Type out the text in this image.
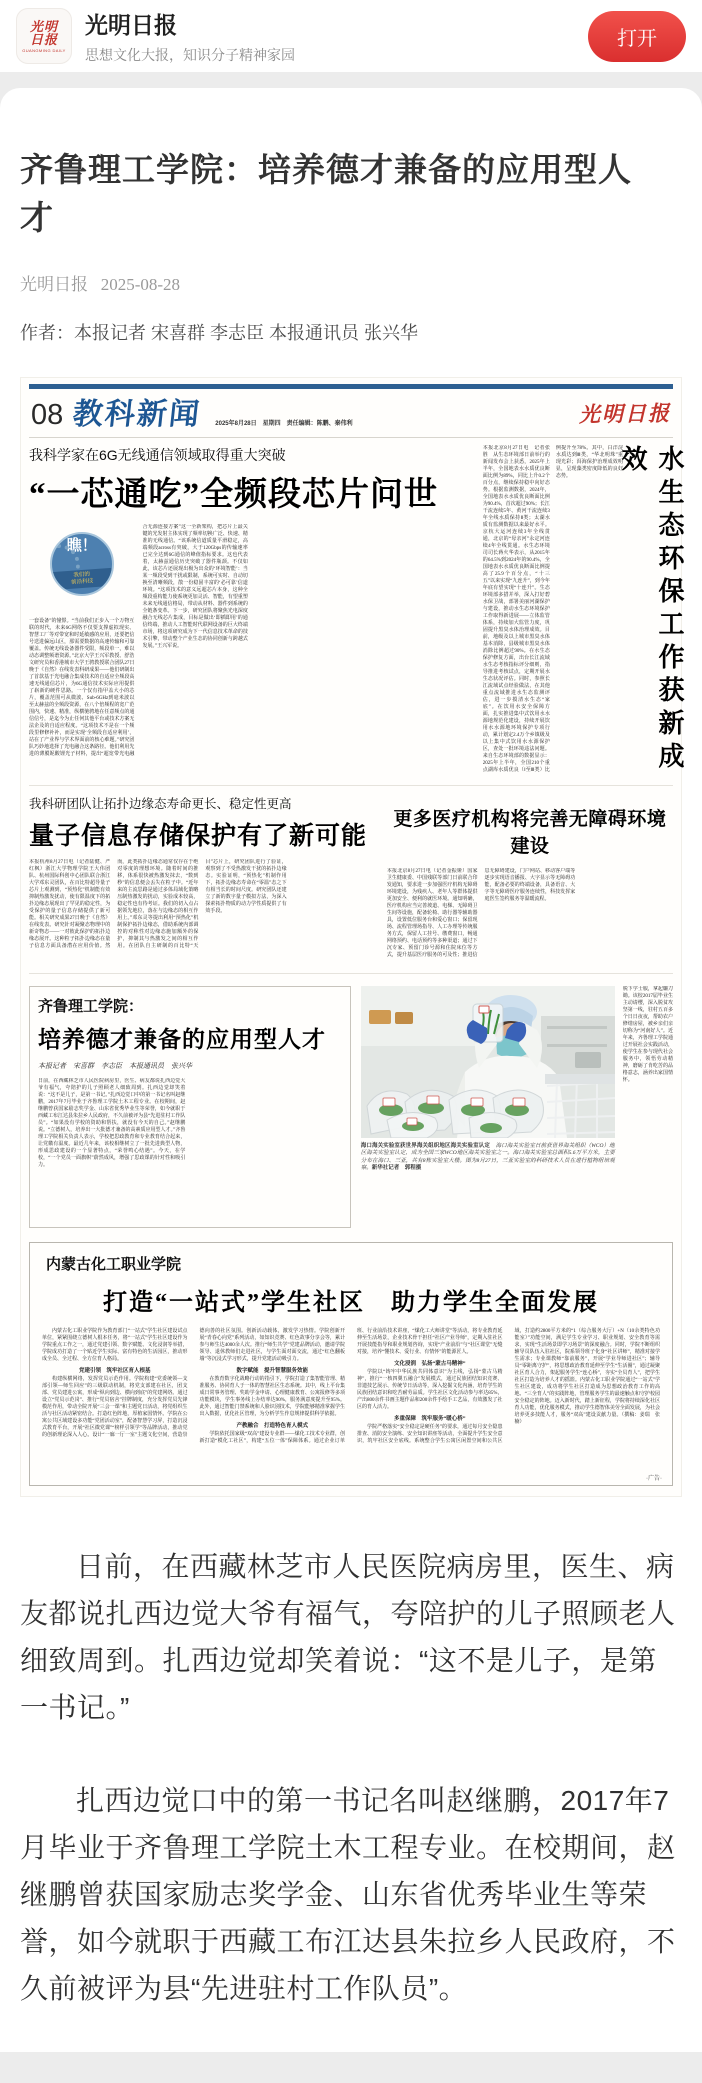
光明
日报
GUANGMING DAILY
光明日报
思想文化大报，知识分子精神家园
打开
齐鲁理工学院：培养德才兼备的应用型人才
光明日报 2025-08-28
作者：本报记者 宋喜群 李志臣 本报通讯员 张兴华
08 教科新闻 2025年8月28日　星期四　责任编辑：陈鹏、秦伟利	光明日报
我科学家在6G无线通信领域取得重大突破
“一芯通吃”全频段芯片问世
瞧！
我们的
前沿科技
一套设备”的憧憬。“当前我们正步入一个万物互联的时代，未来6G网络不仅要支撑虚拟现实、智慧工厂等对带宽和时延敏感的应用，还要把信号送进偏远山区，那需要数据的高速传输和可靠覆盖。传统无线设备器件受限，频段单一，难以动态调整频谱资源。”北京大学王兴军教授、舒浩文研究员和香港城市大学王骋教授联合团队27日晚于《自然》在线发表科研成果——他们研制出了首款基于光电融合集成技术的自适应全频段高速无线通信芯片，为6G通信技术实际应用提供了崭新的硬件思路。一个仅有指甲盖大小的芯片，覆盖范围可从微波、Sub-6GHz到毫米波以至太赫兹的全频段资源，在八个倍频程的宽广范围内，快速、精准，纵横驰骋地在任意频点的通信信号，是迄今为止任何其他平台或技术方案无法企及的自适应程度。“这项技术不是在一个频段里修修补补，而是实现‘全频段自适应利用’，站在了产业界与学术界面前的核心难题。”研究团队巧妙地选择了光电融合这条路径。他们利用先进的薄膜铌酸锂光子材料，提出“超宽带光电融合无源连接方案”这一全新架构，把芯片上最关键的光发射主体实现了频率切换广泛、快速、精准的无线通信。“该系统信道质量平滑稳定，高端频段across有突破，大于120Gbps的传输速率已完全达到6G通信的峰值指标要求。这也代表着，太赫兹通信历史突破了器件瓶颈。不仅如此，该芯片还展现出极为出众的‘环境智能’：当某一频段受到干扰或限制，系统可实时、自动切换至清晰频段，散一份稳固丰富的‘必可靠’信道环境。“这项技术的意义远超芯片本身，这种全频段重构能力使系统更加灵活、智能，有望重塑未来无线通信格局，带动从材料、器件到系统的全链条变革。下一步，研究团队将聚焦光电深度融合无线芯片集成，目标是做出‘即插即用’的通信终端，推动人工智能时代联网设备的巨大终端市场，将这项研究成为下一代信息技术革命的技术引擎，带动整个产业生态的协同创新与跨越式发展。”王兴军说。
本报北京8月27日电　记者张胜　从生态环境部日前举行的新闻发布会上获悉，2025年上半年，全国地表水水质优良断面比例为89%，同比上升0.2个百分点，继续保持稳中向好态势。根据监测数据，2024年，全国地表水水质优良断面比例为90.4%，首次超过90%；长江干流连续5年、黄河干流连续3年全线水质保持Ⅱ类；太湖水质有监测数据以来最好水平。京杭大运河连续3年全线贯通，北京的“母亲河”永定河连续4年全线贯通。水生态环境司司长蒋火华表示，从2015年的64.5%到2024年的90.4%，全国地表水水质优良断面比例提高了25.9个百分点，“十三五”以来实现“九连升”，到今年年底有望实现“十连升”。生态环境部多措并举，深入打好碧水保卫战，部署美丽河湖保护与建设，推动水生态环境保护工作取得新进展——立体监管体系，持续加大监管力度，巩固提升黑臭水体治理成效。目前，地级及以上城市黑臭水体基本消除，县级城市黑臭水体消除比例超过90%。在水生态保护修复方面，出台长江流域水生态考核指标评分细则，指导推进考核试点，定期开展水生态状况评估。同时，参照长江流域试点经验做法，在其他重点流域推进水生态监测评估，进一步摸清水生态“家底”。在饮用水安全保障方面，扎实推进集中式饮用水水源地规范化建设，持续开展饮用水水源地环境保护专项行动，累计划定2.4万个乡镇级及以上集中式饮用水水源保护区，查处一批环境违法问题。来自生态环境部的数据显示：2025年上半年，全国210个重点湖库水质优良（Ⅰ至Ⅲ类）比例提升至78%。其中，白洋淀水质达到Ⅲ类，“华北明珠”重现光彩；洱海保护治理成效明显，呈现藻类密度降低的良好态势。	水生态环保工作获新成效
我科研团队让拓扑边缘态寿命更长、稳定性更高
量子信息存储保护有了新可能
本报杭州8月27日电（记者陆健、严红枫）浙江大学物理学院王大伟团队、杭州国际科创中心团队联合浙江大学邓东灵团队，在百比特超导量子芯片上观测到，“预热化”机制能有效抑制热激发扰动，使有限温度下的拓扑边缘态展现出了罕见的稳定性，为受保护的量子信息存储提供了新可能。相关研究成果27日晚于《自然》在线发表。研究针对凝聚态物理中的新奇物态——一对彼此保护的拓扑边缘态展开。这种粒子拓扑边缘态在量子信息方面具备潜在应用价值。然而，此类拓扑边缘态通常仅存在于绝对零度的理想环境。随着时间的推移，体系很快被热激发抹去，“数到秒”的信息便会丢失在粒子中。“近年来的主流思路是通过多体局域化策略压制热激发的扰动，实验成本较高，稳定性也有待考证。我们的切入点占据领先地位，落在与边缘态的相互作用上。”邓东灵等提出利用“预热化”机制保护拓扑边缘态，借助系统内部调控的对称性对边缘态施加额外的保护，抑制其与热激发之间的相互作用。在团队自主研制的百比特“天目”芯片上，研究团队进行了验证，观察到了不受热激发干扰的拓扑边缘态。实验证明，“预热化”机制作用下，拓扑边缘态寿命在“零温”态之下有相当长的时间尺度。研究团队还建立了新的数字量子模拟方法，为深入探索拓扑物质的动力学性质提供了有效手段。
更多医疗机构将完善无障碍环境建设
本报北京8月27日电（记者金振娅）国家卫生健康委、中国残联等部门日前联合印发通知，要求进一步加强医疗机构无障碍环境建设，为残疾人、老年人等群体提供更加安全、便利的就医环境。通知明确，医疗机构应当完善坡道、电梯、无障碍卫生间等设施，配备轮椅、助行器等辅助器具，设置低位服务台和爱心窗口；保留现场、流程管理场指导、人工办理等传统服务方式，保留人工挂号、缴费窗口，畅通网络预约、电话预约等多种渠道；通过下沉专家、预留门诊号源和住院床位等方式，提升基层医疗服务的可及性；推进信息无障碍建设，门户网站、移动客户端等逐步实现语音播报、大字显示等无障碍功能，配备必要的终端设备，具备语音、大字等无障碍医疗服务连续性，科技发挥家庭医生签约服务等温暖流程。
齐鲁理工学院：
培养德才兼备的应用型人才
本报记者　宋喜群　李志臣　本报通讯员　张兴华
日前，在西藏林芝市人民医院病房里，医生、病友都说扎西边觉大爷有福气，夸陪护的儿子照顾老人细致周到。扎西边觉却笑着说：“这不是儿子，是第一书记。”扎西边觉口中的第一书记名叫赵继鹏，2017年7月毕业于齐鲁理工学院土木工程专业。在校期间，赵继鹏曾获国家励志奖学金、山东省优秀毕业生等荣誉，如今就职于西藏工布江达县朱拉乡人民政府，不久前被评为县“先进驻村工作队员”。“如果没有学校的资助和帮扶，就没有今天的自己。”赵继鹏说。“立德树人，培养出一大批德才兼备的高素质应用型人才。”齐鲁理工学院相关负责人表示，学校把思政教育和专业教育结合起来，让党徽有温度。最近几年来，该校相继树立了一批先进典型人物，形成思政建设的一个显著特点，“荣誉鸣心结遇”。今天，在学校，“一个党员一面旗帜”蔚然成风，增强了思政课的针对性和吸引力。
海口海关实验室获世界海关组织地区海关实验室认定　海口海关实验室日前获世界海关组织（WCO）地区海关实验室认定，成为全国三家WCO地区海关实验室之一。海口海关实验室总面积5.6万平方米，主要分布在海口、三亚，共有8栋实验室大楼。图为8月27日，三亚实验室的科研技术人员在进行植物组培观察。新华社记者　郭程摄
脱下学士服，拿起镰刀锄。该校2017届毕业生主动请缨，深入脱贫攻坚第一线，驻村五百多个日日夜夜，帮助农户修缮房屋，被乡亲们亲切称为“河南好人”。近年来，齐鲁理工学院通过开展社会实践活动，使学生在参与现代社会服务中，领悟劳动精神，磨砺了肯吃苦的品格意志，涵养出家国情怀。
内蒙古化工职业学院
打造“一站式”学生社区　助力学生全面发展

内蒙古化工职业学院作为教育部门“一站式”学生社区建设试点单位，紧紧围绕立德树人根本任务，将“一站式”学生社区建设作为学院重点工作之一，通过党建引领、数字赋能、文化浸润等举措，学院成功打造了一个贴近学生实际、富有特色的生活园区，推动形成全员、全过程、全方位育人格局。

党建引领　筑牢社区育人根基

构建纵横网络，发挥党员示范作用。学院构建“党委统领—支部引领—师生回应”的三级联动机制，将党支部建在社区，团支部、党员建进公寓，形成“纵向到边、横向到底”的党建网络。通过设立“党员示范岗”、推行“党员宿舍”挂牌制度，充分发挥党员先锋模范作用，带动全院开展“三会一课”和主题党日活动，将党组织生活与社区活动紧密结合。打造红色阵地，厚植家国情怀。学院在公寓公共区域建设多功能“党团活动室”，配备智慧学习屏，打造沉浸式教育平台，开展“社区微党课”“榜样引领学”等品牌活动，推动党的创新理论深入人心。设计“一廊一厅一室”主题文化空间，营造崇德向善的社区氛围。创新活动载体，激发学习热情。学院创新开展“青春心向党”系列活动，如知识竞赛、红色故事分享会等，累计参与师生达4000余人次。推行“师生共学”党建品牌活动，邀请学院领导、退休教师们走进社区，与学生面对面交流，通过“红色翻板墙”等沉浸式学习形式，提升党建活动吸引力。

数字赋能　提升智慧服务效能

在教育数字化战略行动的指引下，学院打造了集智能管理、精准服务、协同育人于一体的智慧社区生态系统。其中，线上平台集成日常事务管理、奖助学金申请、心理健康教育、公寓报修等多项功能模块，学生事务线上办结率达90%，服务满意度提升至95%。此外，通过智能门禁系统和人脸识别技术，学院能够精准掌握学生出入数据，优化社区管理，为分析学生作息规律提供科学依据。

产教融合　打造特色育人模式

学院依托国家级“双高”建设专业群——煤化工技术专业群，创新打造“模化工社区”，构建“五位一体”保障体系。通过企业订单班、行业前沿技术讲座，“煤化工大师讲堂”等活动，将专业教育延伸至生活场景，企业技术骨干担任“社区产业导师”，定期入驻社区开展技能指导和职业规划咨询，实现“产业前沿”与“社区课堂”无缝对接，培养“懂技术、爱行业、有情怀”的能源匠人。

文化浸润　弘扬“蒙古马精神”

学院以“铸牢中华民族共同体意识”为主线，弘扬“蒙古马精神”，推行“一核四翼五融合”发展模式，通过民族团结知识竞赛、非遗技艺展示、传统节日活动等，深入挖掘文化内涵，培育学生的民族团结意识和吃苦耐劳品质。学生社区文化活动参与率达85%，产出800余件书画主题作品和200余件手绘手工艺品，有效激发了社区的育人活力。

多重保障　筑牢服务“暖心桥”

学院严格落实“安全稳定是硬任务”的要求，通过每月安全隐患排查、消防安全演练、安全知识讲座等活动，全面提升学生安全意识，筑牢社区安全底线。系统整合学生公寓区闲置空间和公共区域，打造约2800平方米的“1（综合服务大厅）+N（10余类特色功能室）”功能空间，满足学生专业学习、职业规划、安全教育等需求，实现“生活场景即学习场景”的深度融合。同时，学院不断组织辅导员队伍入驻社区，院系领导班子化身“社区讲师”，精准对接学生需求；专业课教师“靠前服务”，开展“学业导师进社区”；辅导员“零距离守护”，将思想政治教育延伸至学生“生活圈”，通过凝聚社区育人合力，架起服务学生“连心桥”，夯实“全员育人”，把学生社区打造为培养人才的摇篮。内蒙古化工职业学院通过“一站式”学生社区建设，成功将学生社区打造成为思想政治教育工作的高地、“三全育人”的实践阵地，管理服务学生的最速触点和守护校园安全稳定的阵地。迈入新时代，踏上新征程，学院将持续深化社区育人功能，优化服务模式，推动学生德智体美劳全面发展，为社会培养更多技能人才，服务“双高”建设贡献力量。（撰稿：姜瑞　张楠）

·广告·

日前，在西藏林芝市人民医院病房里，医生、病友都说扎西边觉大爷有福气，夸陪护的儿子照顾老人细致周到。扎西边觉却笑着说：“这不是儿子，是第一书记。”

扎西边觉口中的第一书记名叫赵继鹏，2017年7月毕业于齐鲁理工学院土木工程专业。在校期间，赵继鹏曾获国家励志奖学金、山东省优秀毕业生等荣誉，如今就职于西藏工布江达县朱拉乡人民政府，不久前被评为县“先进驻村工作队员”。
